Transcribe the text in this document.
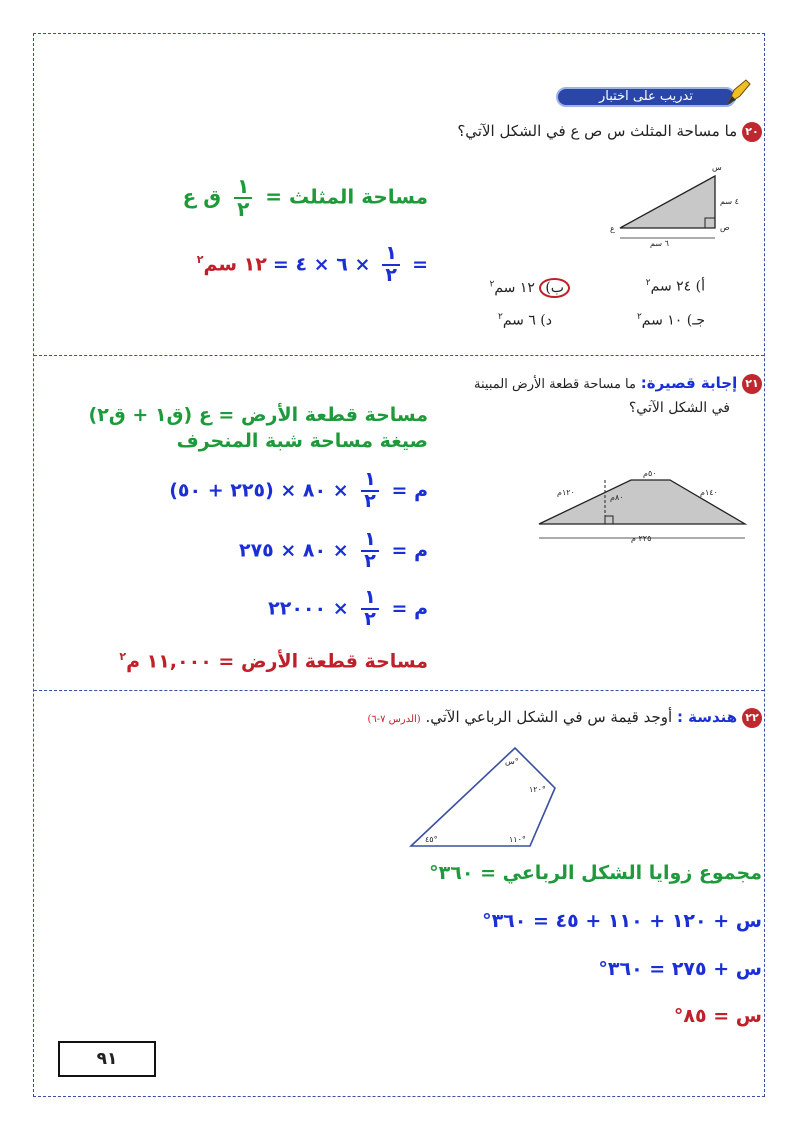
تدريب على اختبار
٢٠ ما مساحة المثلث س ص ع في الشكل الآتي؟
س
ص
ع
٤ سم
٦ سم
أ) ٢٤ سم$^٢$
ب) ١٢ سم$^٢$
جـ) ١٠ سم$^٢$
د) ٦ سم$^٢$
مساحة المثلث =
$\frac{١}{٢}$
ق ع
=
$\frac{١}{٢}$
× ٦ × ٤ = ١٢ سم$^٢$
٢١ إجابة قصيرة: ما مساحة قطعة الأرض المبينة
في الشكل الآتي؟
٥٠م
١٢٠م
٨٠م
١٤٠م
٢٢٥ م
مساحة قطعة الأرض = ع (ق١ + ق٢)
صيغة مساحة شبة المنحرف
م =
$\frac{١}{٢}$
× ٨٠ × (٢٢٥ + ٥٠)
م =
$\frac{١}{٢}$
× ٨٠ × ٢٧٥
م =
$\frac{١}{٢}$
× ٢٢٠٠٠
مساحة قطعة الأرض = ١١,٠٠٠ م$^٢$
٢٢ هندسة : أوجد قيمة س في الشكل الرباعي الآتي. (الدرس ٧-٦)
س°
١٢٠°
١١٠°
٤٥°
مجموع زوايا الشكل الرباعي = ٣٦٠°
س + ١٢٠ + ١١٠ + ٤٥ = ٣٦٠°
س + ٢٧٥ = ٣٦٠°
س = ٨٥°
٩١
